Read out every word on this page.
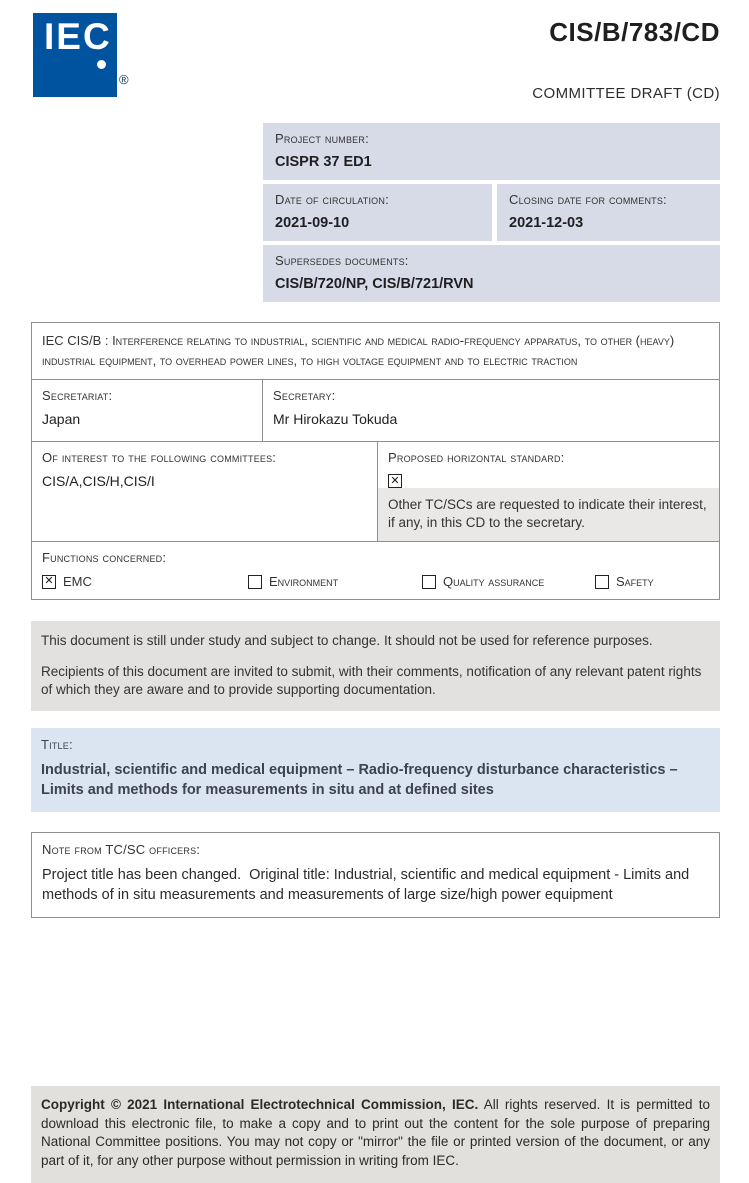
IEC
®
CIS/B/783/CD
COMMITTEE DRAFT (CD)
Project number:
CISPR 37 ED1
Date of circulation:
2021-09-10
Closing date for comments:
2021-12-03
Supersedes documents:
CIS/B/720/NP, CIS/B/721/RVN
IEC CIS/B : Interference relating to industrial, scientific and medical radio-frequency apparatus, to other (heavy) industrial equipment, to overhead power lines, to high voltage equipment and to electric traction
Secretariat:
Japan
Secretary:
Mr Hirokazu Tokuda
Of interest to the following committees:
CIS/A,CIS/H,CIS/I
Proposed horizontal standard:
✕
Other TC/SCs are requested to indicate their interest, if any, in this CD to the secretary.
Functions concerned:
✕ EMC	Environment	Quality assurance	Safety

This document is still under study and subject to change. It should not be used for reference purposes.

Recipients of this document are invited to submit, with their comments, notification of any relevant patent rights of which they are aware and to provide supporting documentation.

Title:
Industrial, scientific and medical equipment – Radio-frequency disturbance characteristics – Limits and methods for measurements in situ and at defined sites
Note from TC/SC officers:
Project title has been changed.  Original title: Industrial, scientific and medical equipment - Limits and methods of in situ measurements and measurements of large size/high power equipment

Copyright © 2021 International Electrotechnical Commission, IEC. All rights reserved. It is permitted to download this electronic file, to make a copy and to print out the content for the sole purpose of preparing National Committee positions. You may not copy or "mirror" the file or printed version of the document, or any part of it, for any other purpose without permission in writing from IEC.
